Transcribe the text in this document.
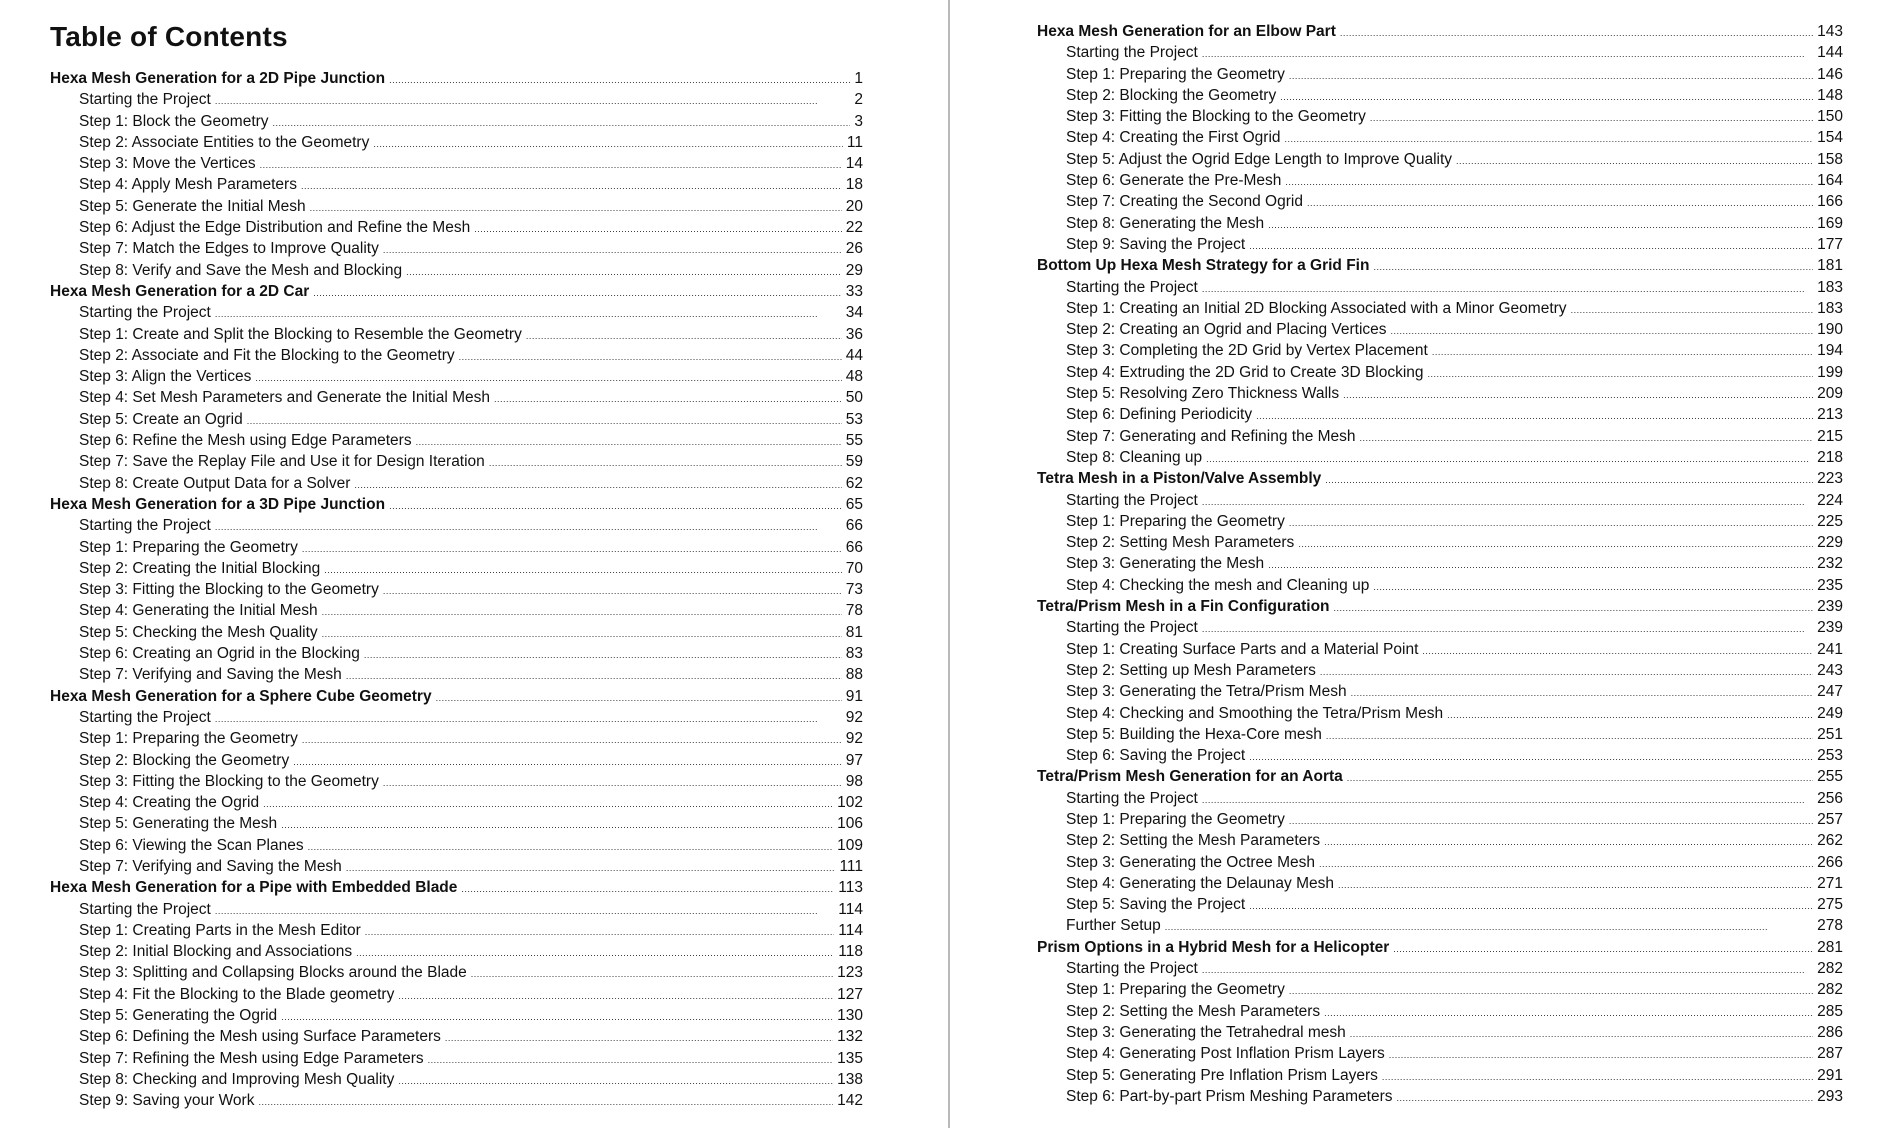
Table of Contents
Hexa Mesh Generation for a 2D Pipe Junction . . .	1
Starting the Project . . .	2
Step 1: Block the Geometry . . .	3
Step 2: Associate Entities to the Geometry . . .	11
Step 3: Move the Vertices . . .	14
Step 4: Apply Mesh Parameters . . .	18
Step 5: Generate the Initial Mesh . . .	20
Step 6: Adjust the Edge Distribution and Refine the Mesh . . .	22
Step 7: Match the Edges to Improve Quality . . .	26
Step 8: Verify and Save the Mesh and Blocking . . .	29
Hexa Mesh Generation for a 2D Car . . .	33
Starting the Project . . .	34
Step 1: Create and Split the Blocking to Resemble the Geometry . . .	36
Step 2: Associate and Fit the Blocking to the Geometry . . .	44
Step 3: Align the Vertices . . .	48
Step 4: Set Mesh Parameters and Generate the Initial Mesh . . .	50
Step 5: Create an Ogrid . . .	53
Step 6: Refine the Mesh using Edge Parameters . . .	55
Step 7: Save the Replay File and Use it for Design Iteration . . .	59
Step 8: Create Output Data for a Solver . . .	62
Hexa Mesh Generation for a 3D Pipe Junction . . .	65
Starting the Project . . .	66
Step 1: Preparing the Geometry . . .	66
Step 2: Creating the Initial Blocking . . .	70
Step 3: Fitting the Blocking to the Geometry . . .	73
Step 4: Generating the Initial Mesh . . .	78
Step 5: Checking the Mesh Quality . . .	81
Step 6: Creating an Ogrid in the Blocking . . .	83
Step 7: Verifying and Saving the Mesh . . .	88
Hexa Mesh Generation for a Sphere Cube Geometry . . .	91
Starting the Project . . .	92
Step 1: Preparing the Geometry . . .	92
Step 2: Blocking the Geometry . . .	97
Step 3: Fitting the Blocking to the Geometry . . .	98
Step 4: Creating the Ogrid . . .	102
Step 5: Generating the Mesh . . .	106
Step 6: Viewing the Scan Planes . . .	109
Step 7: Verifying and Saving the Mesh . . .	111
Hexa Mesh Generation for a Pipe with Embedded Blade . . .	113
Starting the Project . . .	114
Step 1: Creating Parts in the Mesh Editor . . .	114
Step 2: Initial Blocking and Associations . . .	118
Step 3: Splitting and Collapsing Blocks around the Blade . . .	123
Step 4: Fit the Blocking to the Blade geometry . . .	127
Step 5: Generating the Ogrid . . .	130
Step 6: Defining the Mesh using Surface Parameters . . .	132
Step 7: Refining the Mesh using Edge Parameters . . .	135
Step 8: Checking and Improving Mesh Quality . . .	138
Step 9: Saving your Work . . .	142
Hexa Mesh Generation for an Elbow Part . . .	143
Starting the Project . . .	144
Step 1: Preparing the Geometry . . .	146
Step 2: Blocking the Geometry . . .	148
Step 3: Fitting the Blocking to the Geometry . . .	150
Step 4: Creating the First Ogrid . . .	154
Step 5: Adjust the Ogrid Edge Length to Improve Quality . . .	158
Step 6: Generate the Pre-Mesh . . .	164
Step 7: Creating the Second Ogrid . . .	166
Step 8: Generating the Mesh . . .	169
Step 9: Saving the Project . . .	177
Bottom Up Hexa Mesh Strategy for a Grid Fin . . .	181
Starting the Project . . .	183
Step 1: Creating an Initial 2D Blocking Associated with a Minor Geometry . . .	183
Step 2: Creating an Ogrid and Placing Vertices . . .	190
Step 3: Completing the 2D Grid by Vertex Placement . . .	194
Step 4: Extruding the 2D Grid to Create 3D Blocking . . .	199
Step 5: Resolving Zero Thickness Walls . . .	209
Step 6: Defining Periodicity . . .	213
Step 7: Generating and Refining the Mesh . . .	215
Step 8: Cleaning up . . .	218
Tetra Mesh in a Piston/Valve Assembly . . .	223
Starting the Project . . .	224
Step 1: Preparing the Geometry . . .	225
Step 2: Setting Mesh Parameters . . .	229
Step 3: Generating the Mesh . . .	232
Step 4: Checking the mesh and Cleaning up . . .	235
Tetra/Prism Mesh in a Fin Configuration . . .	239
Starting the Project . . .	239
Step 1: Creating Surface Parts and a Material Point . . .	241
Step 2: Setting up Mesh Parameters . . .	243
Step 3: Generating the Tetra/Prism Mesh . . .	247
Step 4: Checking and Smoothing the Tetra/Prism Mesh . . .	249
Step 5: Building the Hexa-Core mesh . . .	251
Step 6: Saving the Project . . .	253
Tetra/Prism Mesh Generation for an Aorta . . .	255
Starting the Project . . .	256
Step 1: Preparing the Geometry . . .	257
Step 2: Setting the Mesh Parameters . . .	262
Step 3: Generating the Octree Mesh . . .	266
Step 4: Generating the Delaunay Mesh . . .	271
Step 5: Saving the Project . . .	275
Further Setup . . .	278
Prism Options in a Hybrid Mesh for a Helicopter . . .	281
Starting the Project . . .	282
Step 1: Preparing the Geometry . . .	282
Step 2: Setting the Mesh Parameters . . .	285
Step 3: Generating the Tetrahedral mesh . . .	286
Step 4: Generating Post Inflation Prism Layers . . .	287
Step 5: Generating Pre Inflation Prism Layers . . .	291
Step 6: Part-by-part Prism Meshing Parameters . . .	293
